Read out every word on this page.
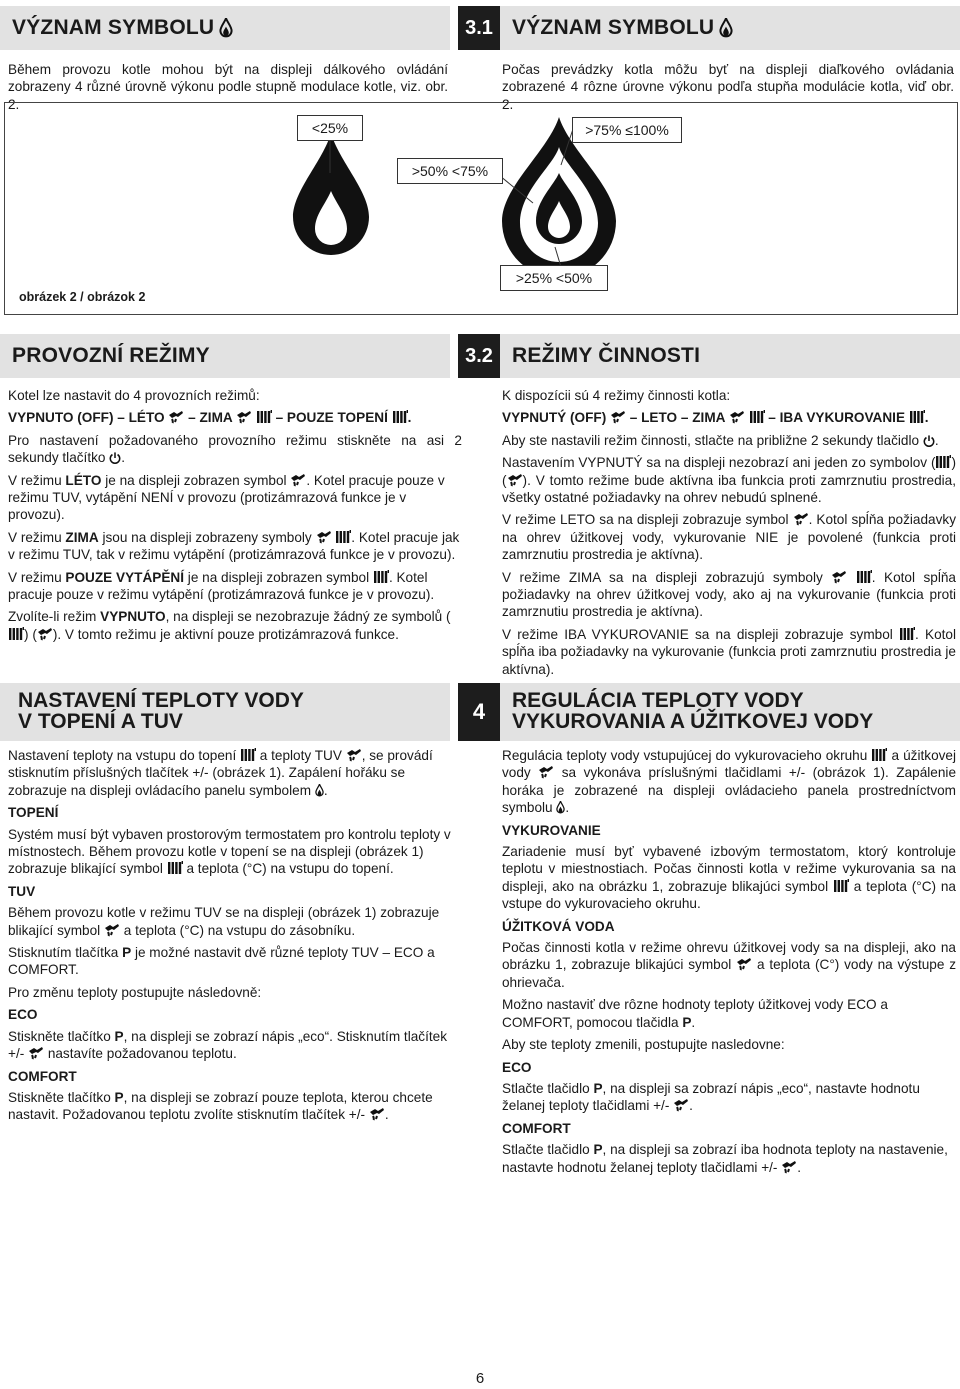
VÝZNAM SYMBOLU	3.1 VÝZNAM SYMBOLU
Během provozu kotle mohou být na displeji dálkového ovládání zobrazeny 4 různé úrovně výkonu podle stupně modulace kotle, viz. obr. 2.
Počas prevádzky kotla môžu byť na displeji diaľkového ovládania zobrazené 4 rôzne úrovne výkonu podľa stupňa modulácie kotla, viď obr. 2.
<25%
>50% <75%
>75% ≤100%
>25% <50%
obrázek 2 / obrázok 2
PROVOZNÍ REŽIMY	3.2 REŽIMY ČINNOSTI

Kotel lze nastavit do 4 provozních režimů:

VYPNUTO (OFF) – LÉTO – ZIMA	– POUZE TOPENÍ .

Pro nastavení požadovaného provozního režimu stiskněte na asi 2 sekundy tlačítko .

V režimu LÉTO je na displeji zobrazen symbol . Kotel pracuje pouze v režimu TUV, vytápění NENÍ v provozu (protizámrazová funkce je v provozu).

V režimu ZIMA jsou na displeji zobrazeny symboly	. Kotel pracuje jak v režimu TUV, tak v režimu vytápění (protizámrazová funkce je v provozu).

V režimu POUZE VYTÁPĚNÍ je na displeji zobrazen symbol . Kotel pracuje pouze v režimu vytápění (protizámrazová funkce je v provozu).

Zvolíte-li režim VYPNUTO, na displeji se nezobrazuje žádný ze symbolů () ( ). V tomto režimu je aktivní pouze protizámrazová funkce.

K dispozícii sú 4 režimy činnosti kotla:

VYPNUTÝ (OFF) – LETO – ZIMA	– IBA VYKUROVANIE .

Aby ste nastavili režim činnosti, stlačte na približne 2 sekundy tlačidlo .

Nastavením VYPNUTÝ sa na displeji nezobrazí ani jeden zo symbolov ( ) ( ). V tomto režime bude aktívna iba funkcia proti zamrznutiu prostredia, všetky ostatné požiadavky na ohrev nebudú splnené.

V režime LETO sa na displeji zobrazuje symbol . Kotol spĺňa požiadavky na ohrev úžitkovej vody, vykurovanie NIE je povolené (funkcia proti zamrznutiu prostredia je aktívna).

V režime ZIMA sa na displeji zobrazujú symboly	. Kotol spĺňa požiadavky na ohrev úžitkovej vody, ako aj na vykurovanie (funkcia proti zamrznutiu prostredia je aktívna).

V režime IBA VYKUROVANIE sa na displeji zobrazuje symbol . Kotol spĺňa iba požiadavky na vykurovanie (funkcia proti zamrznutiu prostredia je aktívna).

NASTAVENÍ TEPLOTY VODY
V TOPENÍ A TUV	4	REGULÁCIA TEPLOTY VODY
VYKUROVANIA A ÚŽITKOVEJ VODY

Nastavení teploty na vstupu do topení a teploty TUV , se provádí stisknutím příslušných tlačítek +/- (obrázek 1). Zapálení hořáku se zobrazuje na displeji ovládacího panelu symbolem .

TOPENÍ

Systém musí být vybaven prostorovým termostatem pro kontrolu teploty v místnostech. Během provozu kotle v topení se na displeji (obrázek 1) zobrazuje blikající symbol a teplota (°C) na vstupu do topení.

TUV

Během provozu kotle v režimu TUV se na displeji (obrázek 1) zobrazuje blikající symbol a teplota (°C) na vstupu do zásobníku.

Stisknutím tlačítka P je možné nastavit dvě různé teploty TUV – ECO a COMFORT.

Pro změnu teploty postupujte následovně:

ECO

Stiskněte tlačítko P, na displeji se zobrazí nápis „eco“. Stisknutím tlačítek +/- nastavíte požadovanou teplotu.

COMFORT

Stiskněte tlačítko P, na displeji se zobrazí pouze teplota, kterou chcete nastavit. Požadovanou teplotu zvolíte stisknutím tlačítek +/- .

Regulácia teploty vody vstupujúcej do vykurovacieho okruhu a úžitkovej vody sa vykonáva príslušnými tlačidlami +/- (obrázok 1). Zapálenie horáka je zobrazené na displeji ovládacieho panela prostredníctvom symbolu .

VYKUROVANIE

Zariadenie musí byť vybavené izbovým termostatom, ktorý kontroluje teplotu v miestnostiach. Počas činnosti kotla v režime vykurovania sa na displeji, ako na obrázku 1, zobrazuje blikajúci symbol a teplota (°C) na vstupe do vykurovacieho okruhu.

ÚŽITKOVÁ VODA

Počas činnosti kotla v režime ohrevu úžitkovej vody sa na displeji, ako na obrázku 1, zobrazuje blikajúci symbol a teplota (C°) vody na výstupe z ohrievača.

Možno nastaviť dve rôzne hodnoty teploty úžitkovej vody ECO a COMFORT, pomocou tlačidla P.

Aby ste teploty zmenili, postupujte nasledovne:

ECO

Stlačte tlačidlo P, na displeji sa zobrazí nápis „eco“, nastavte hodnotu želanej teploty tlačidlami +/- .

COMFORT

Stlačte tlačidlo P, na displeji sa zobrazí iba hodnota teploty na nastavenie, nastavte hodnotu želanej teploty tlačidlami +/- .

6
